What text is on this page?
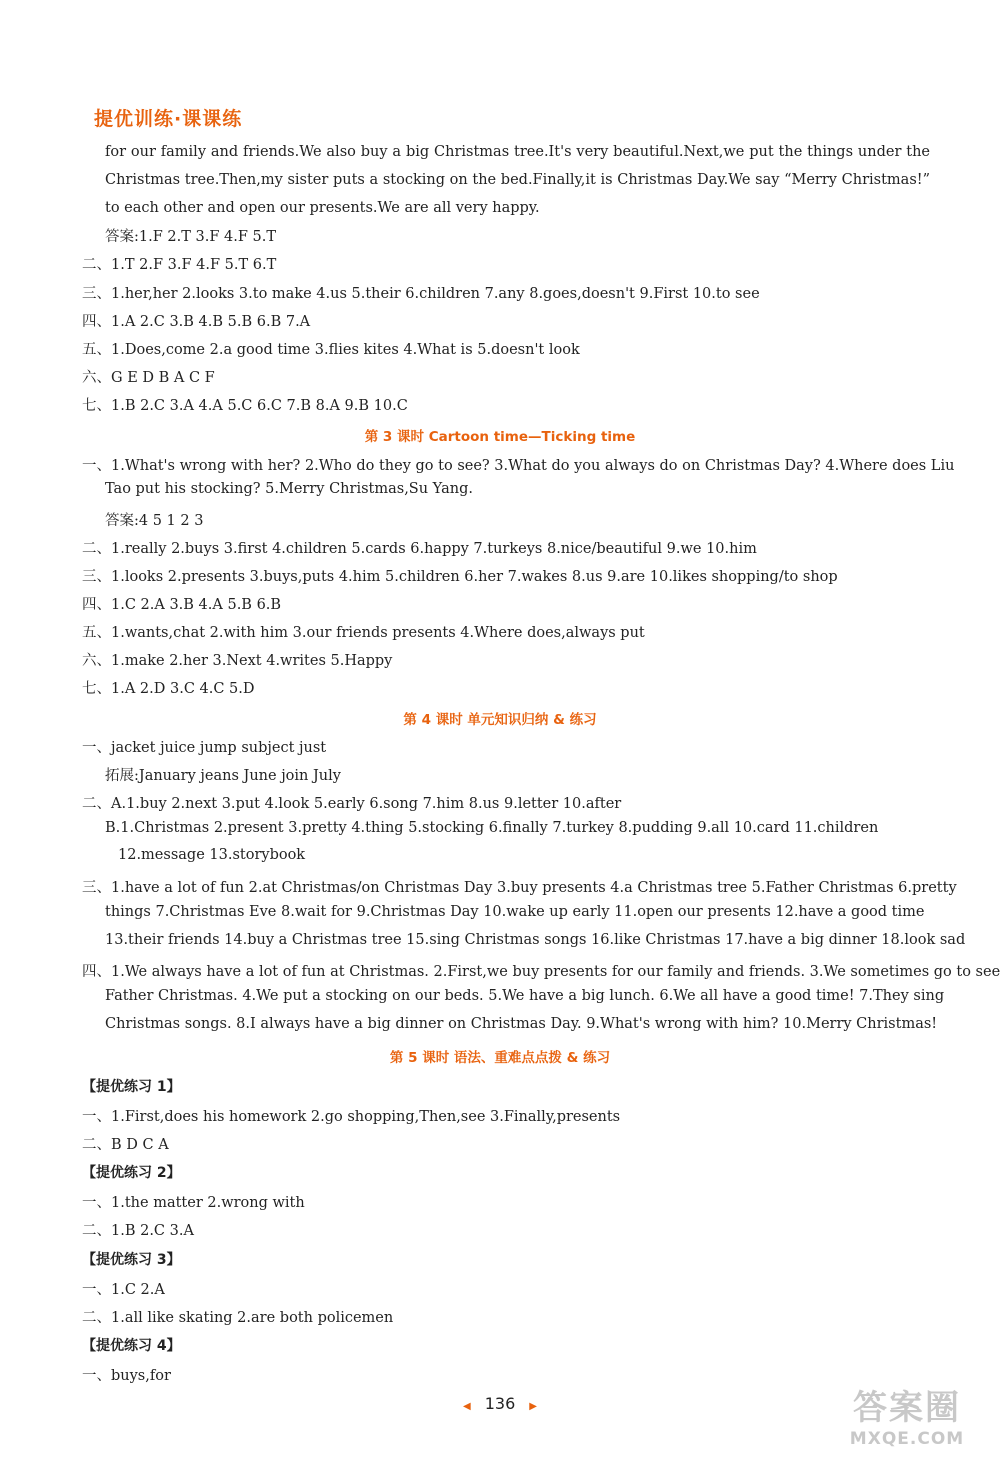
提优训练·课课练
for our family and friends.We also buy a big Christmas tree.It's very beautiful.Next,we put the things under the Christmas tree.Then,my sister puts a stocking on the bed.Finally,it is Christmas Day.We say “Merry Christmas!” to each other and open our presents.We are all very happy.
答案:1.F 2.T 3.F 4.F 5.T
二、1.T 2.F 3.F 4.F 5.T 6.T
三、1.her,her 2.looks 3.to make 4.us 5.their 6.children 7.any 8.goes,doesn't 9.First 10.to see
四、1.A 2.C 3.B 4.B 5.B 6.B 7.A
五、1.Does,come 2.a good time 3.flies kites 4.What is 5.doesn't look
六、G E D B A C F
七、1.B 2.C 3.A 4.A 5.C 6.C 7.B 8.A 9.B 10.C
第 3 课时 Cartoon time—Ticking time
一、1.What's wrong with her? 2.Who do they go to see? 3.What do you always do on Christmas Day? 4.Where does Liu
Tao put his stocking? 5.Merry Christmas,Su Yang.
答案:4 5 1 2 3
二、1.really 2.buys 3.first 4.children 5.cards 6.happy 7.turkeys 8.nice/beautiful 9.we 10.him
三、1.looks 2.presents 3.buys,puts 4.him 5.children 6.her 7.wakes 8.us 9.are 10.likes shopping/to shop
四、1.C 2.A 3.B 4.A 5.B 6.B
五、1.wants,chat 2.with him 3.our friends presents 4.Where does,always put
六、1.make 2.her 3.Next 4.writes 5.Happy
七、1.A 2.D 3.C 4.C 5.D
第 4 课时 单元知识归纳 & 练习
一、jacket juice jump subject just
拓展:January jeans June join July
二、A.1.buy 2.next 3.put 4.look 5.early 6.song 7.him 8.us 9.letter 10.after
B.1.Christmas 2.present 3.pretty 4.thing 5.stocking 6.finally 7.turkey 8.pudding 9.all 10.card 11.children
12.message 13.storybook
三、1.have a lot of fun 2.at Christmas/on Christmas Day 3.buy presents 4.a Christmas tree 5.Father Christmas 6.pretty
things 7.Christmas Eve 8.wait for 9.Christmas Day 10.wake up early 11.open our presents 12.have a good time
13.their friends 14.buy a Christmas tree 15.sing Christmas songs 16.like Christmas 17.have a big dinner 18.look sad
四、1.We always have a lot of fun at Christmas. 2.First,we buy presents for our family and friends. 3.We sometimes go to see
Father Christmas. 4.We put a stocking on our beds. 5.We have a big lunch. 6.We all have a good time! 7.They sing
Christmas songs. 8.I always have a big dinner on Christmas Day. 9.What's wrong with him? 10.Merry Christmas!
第 5 课时 语法、重难点点拨 & 练习
【提优练习 1】
一、1.First,does his homework 2.go shopping,Then,see 3.Finally,presents
二、B D C A
【提优练习 2】
一、1.the matter 2.wrong with
二、1.B 2.C 3.A
【提优练习 3】
一、1.C 2.A
二、1.all like skating 2.are both policemen
【提优练习 4】
一、buys,for
◀ 136 ▶	答案圈
MXQE.COM
